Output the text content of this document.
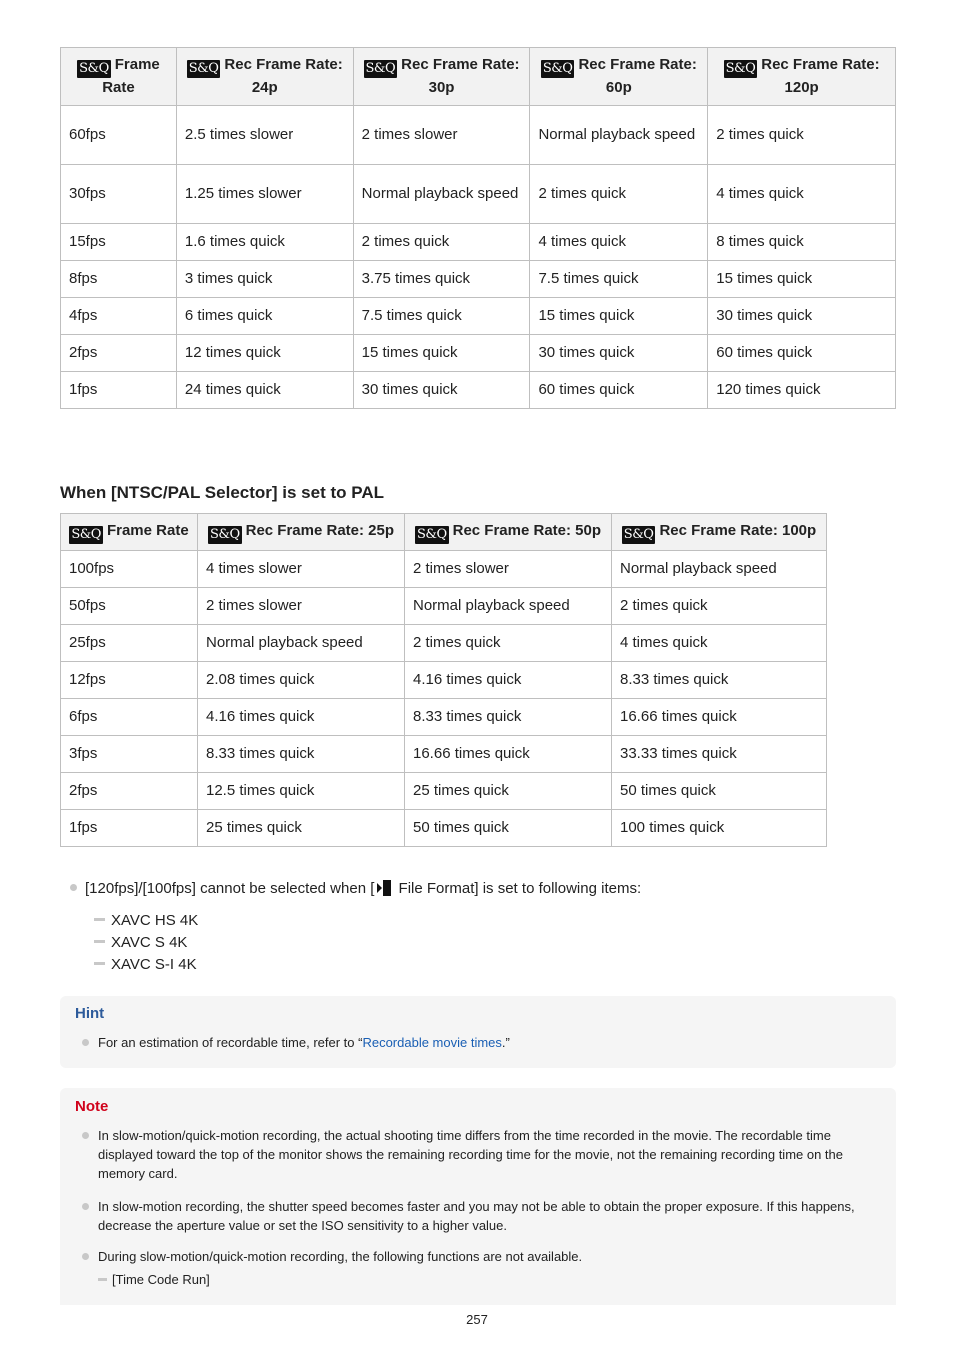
S&Q Frame Rate	S&Q Rec Frame Rate: 24p	S&Q Rec Frame Rate: 30p	S&Q Rec Frame Rate: 60p	S&Q Rec Frame Rate: 120p
60fps	2.5 times slower	2 times slower	Normal playback speed	2 times quick
30fps	1.25 times slower	Normal playback speed	2 times quick	4 times quick
15fps	1.6 times quick	2 times quick	4 times quick	8 times quick
8fps	3 times quick	3.75 times quick	7.5 times quick	15 times quick
4fps	6 times quick	7.5 times quick	15 times quick	30 times quick
2fps	12 times quick	15 times quick	30 times quick	60 times quick
1fps	24 times quick	30 times quick	60 times quick	120 times quick
When [NTSC/PAL Selector] is set to PAL
S&Q Frame Rate	S&Q Rec Frame Rate: 25p	S&Q Rec Frame Rate: 50p	S&Q Rec Frame Rate: 100p
100fps	4 times slower	2 times slower	Normal playback speed
50fps	2 times slower	Normal playback speed	2 times quick
25fps	Normal playback speed	2 times quick	4 times quick
12fps	2.08 times quick	4.16 times quick	8.33 times quick
6fps	4.16 times quick	8.33 times quick	16.66 times quick
3fps	8.33 times quick	16.66 times quick	33.33 times quick
2fps	12.5 times quick	25 times quick	50 times quick
1fps	25 times quick	50 times quick	100 times quick
[120fps]/[100fps] cannot be selected when [ File Format] is set to following items:
XAVC HS 4K
XAVC S 4K
XAVC S-I 4K
Hint
For an estimation of recordable time, refer to “Recordable movie times.”
Note
In slow-motion/quick-motion recording, the actual shooting time differs from the time recorded in the movie. The recordable time displayed toward the top of the monitor shows the remaining recording time for the movie, not the remaining recording time on the memory card.
In slow-motion recording, the shutter speed becomes faster and you may not be able to obtain the proper exposure. If this happens, decrease the aperture value or set the ISO sensitivity to a higher value.
During slow-motion/quick-motion recording, the following functions are not available.
[Time Code Run]
257
